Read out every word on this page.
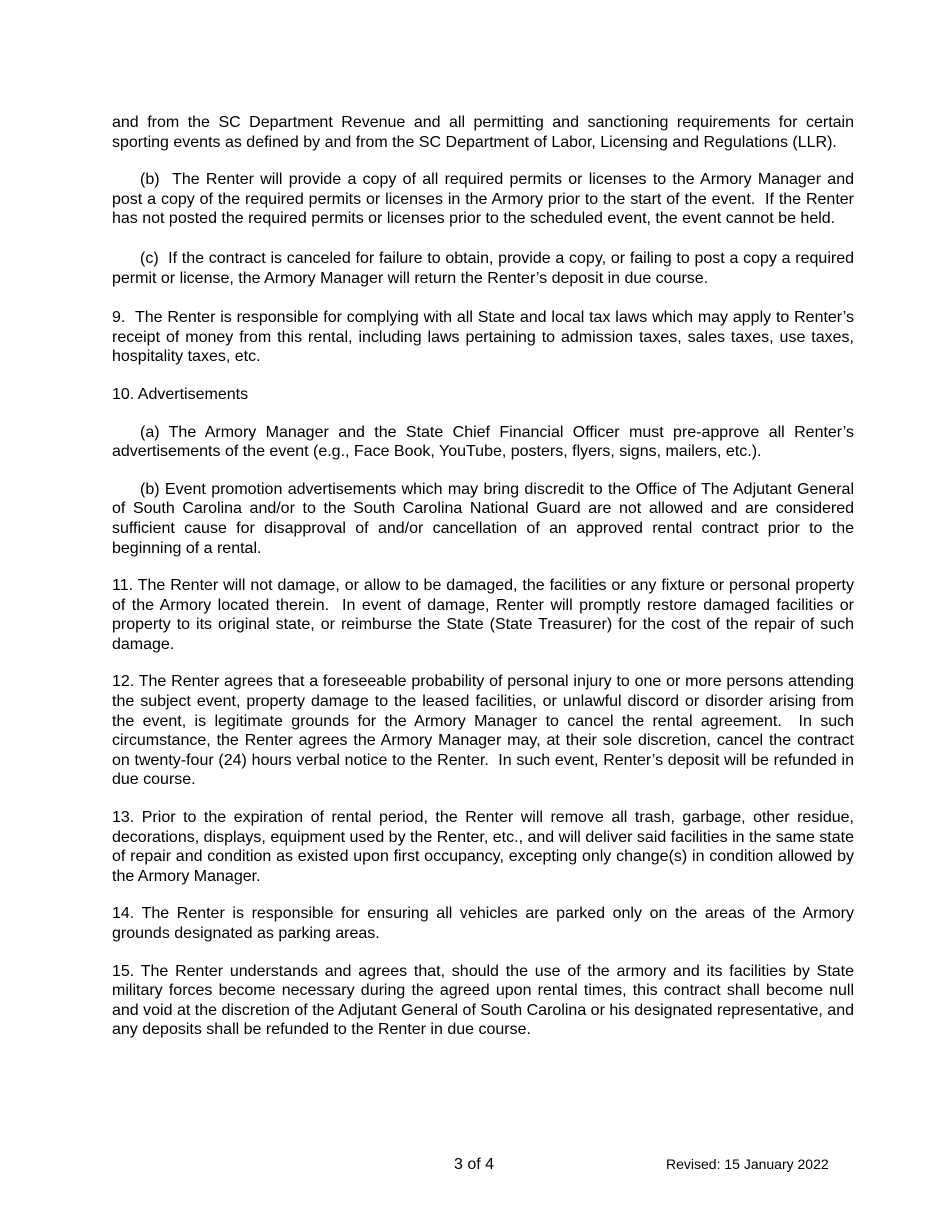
and from the SC Department Revenue and all permitting and sanctioning requirements for certain sporting events as defined by and from the SC Department of Labor, Licensing and Regulations (LLR).

(b)  The Renter will provide a copy of all required permits or licenses to the Armory Manager and post a copy of the required permits or licenses in the Armory prior to the start of the event.  If the Renter has not posted the required permits or licenses prior to the scheduled event, the event cannot be held.

(c)  If the contract is canceled for failure to obtain, provide a copy, or failing to post a copy a required permit or license, the Armory Manager will return the Renter’s deposit in due course.

9.  The Renter is responsible for complying with all State and local tax laws which may apply to Renter’s receipt of money from this rental, including laws pertaining to admission taxes, sales taxes, use taxes, hospitality taxes, etc.

10. Advertisements

(a) The Armory Manager and the State Chief Financial Officer must pre-approve all Renter’s advertisements of the event (e.g., Face Book, YouTube, posters, flyers, signs, mailers, etc.).

(b) Event promotion advertisements which may bring discredit to the Office of The Adjutant General of South Carolina and/or to the South Carolina National Guard are not allowed and are considered sufficient cause for disapproval of and/or cancellation of an approved rental contract prior to the beginning of a rental.

11. The Renter will not damage, or allow to be damaged, the facilities or any fixture or personal property of the Armory located therein.  In event of damage, Renter will promptly restore damaged facilities or property to its original state, or reimburse the State (State Treasurer) for the cost of the repair of such damage.

12. The Renter agrees that a foreseeable probability of personal injury to one or more persons attending the subject event, property damage to the leased facilities, or unlawful discord or disorder arising from the event, is legitimate grounds for the Armory Manager to cancel the rental agreement.  In such circumstance, the Renter agrees the Armory Manager may, at their sole discretion, cancel the contract on twenty-four (24) hours verbal notice to the Renter.  In such event, Renter’s deposit will be refunded in due course.

13. Prior to the expiration of rental period, the Renter will remove all trash, garbage, other residue, decorations, displays, equipment used by the Renter, etc., and will deliver said facilities in the same state of repair and condition as existed upon first occupancy, excepting only change(s) in condition allowed by the Armory Manager.

14. The Renter is responsible for ensuring all vehicles are parked only on the areas of the Armory grounds designated as parking areas.

15. The Renter understands and agrees that, should the use of the armory and its facilities by State military forces become necessary during the agreed upon rental times, this contract shall become null and void at the discretion of the Adjutant General of South Carolina or his designated representative, and any deposits shall be refunded to the Renter in due course.

3 of 4	Revised: 15 January 2022
